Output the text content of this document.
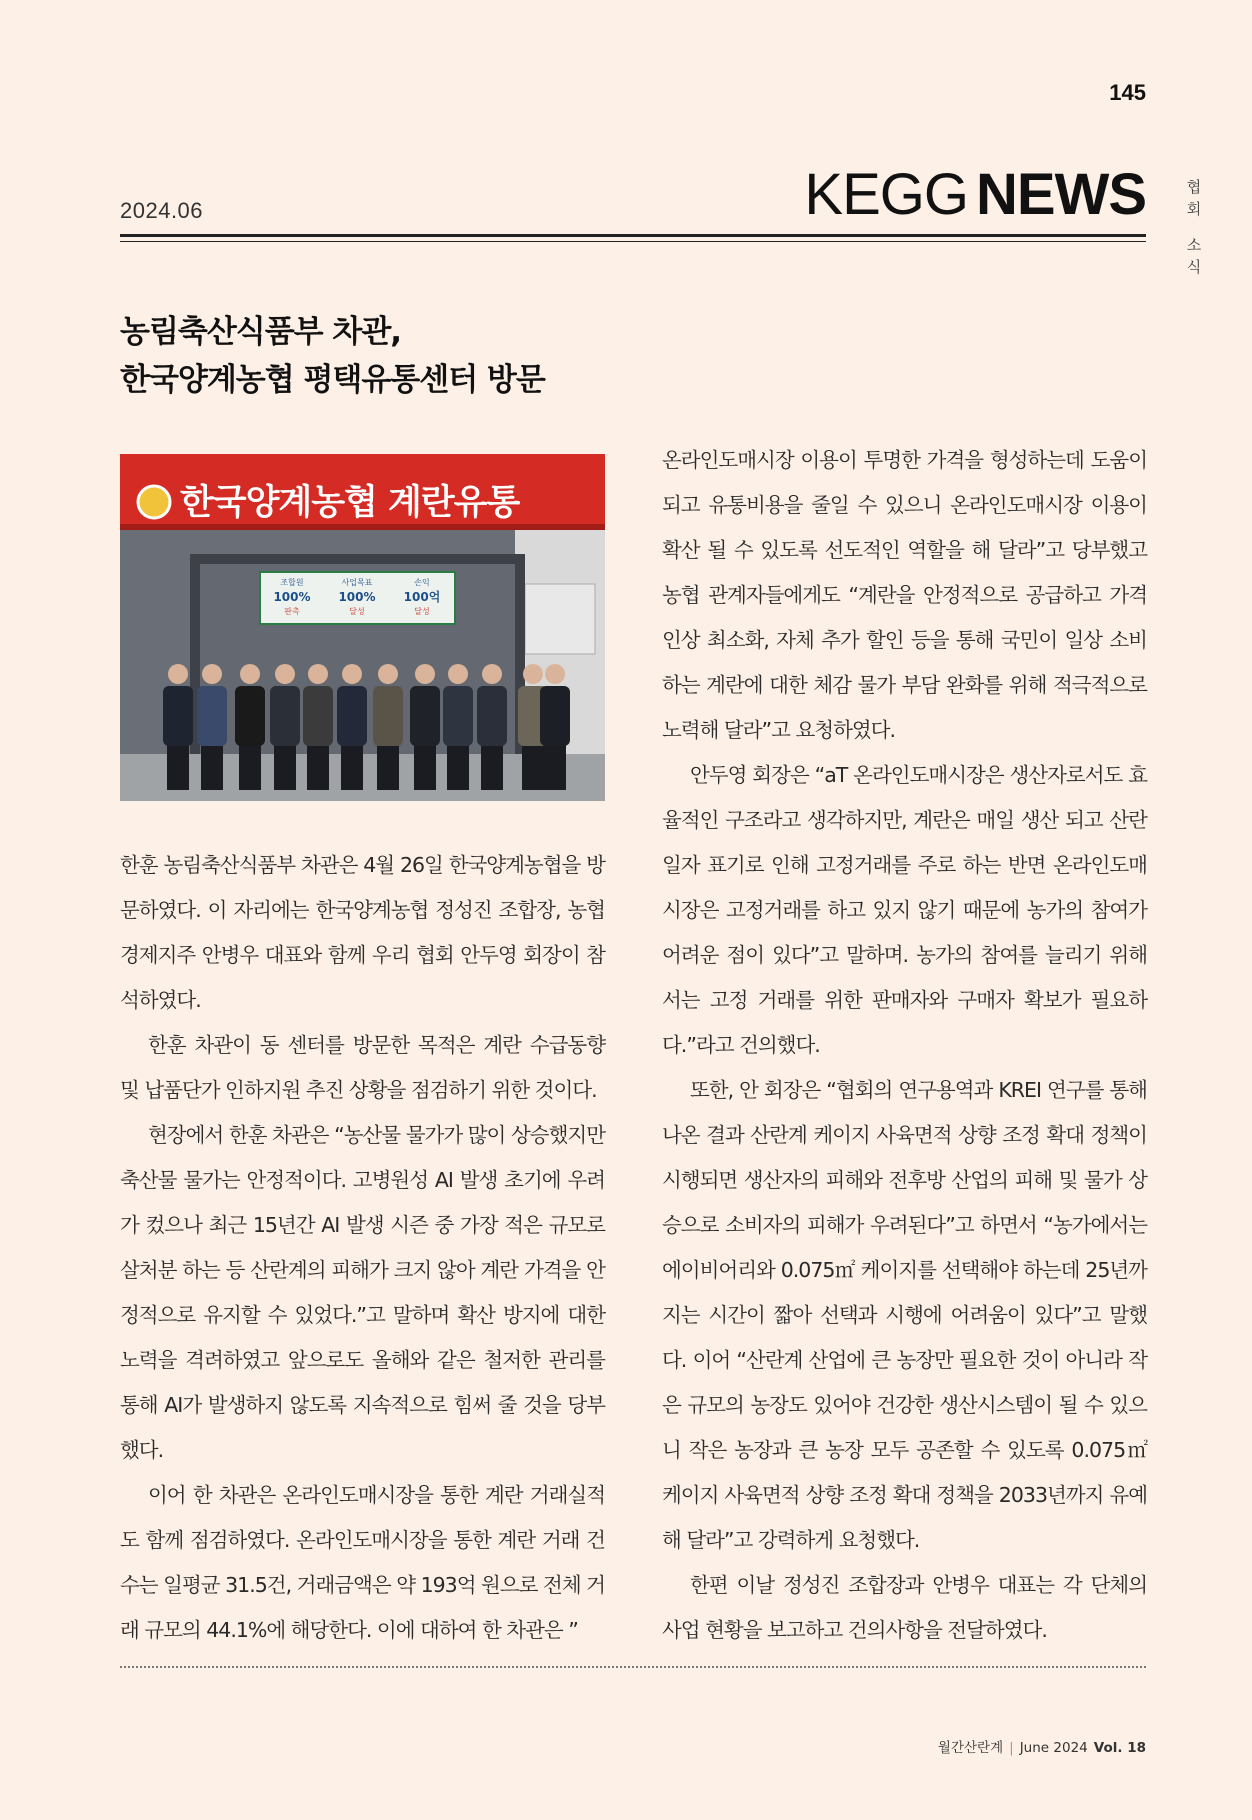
145
협
회
소
식
2024.06	KEGG NEWS
농림축산식품부 차관,
한국양계농협 평택유통센터 방문
한국양계농협 계란유통
조합원	사업목표	손익
100% 100% 100억
판촉	달성	달성

한훈 농림축산식품부 차관은 4월 26일 한국양계농협을 방문하였다. 이 자리에는 한국양계농협 정성진 조합장, 농협경제지주 안병우 대표와 함께 우리 협회 안두영 회장이 참석하였다.

한훈 차관이 동 센터를 방문한 목적은 계란 수급동향 및 납품단가 인하지원 추진 상황을 점검하기 위한 것이다.

현장에서 한훈 차관은 “농산물 물가가 많이 상승했지만 축산물 물가는 안정적이다. 고병원성 AI 발생 초기에 우려가 컸으나 최근 15년간 AI 발생 시즌 중 가장 적은 규모로 살처분 하는 등 산란계의 피해가 크지 않아 계란 가격을 안정적으로 유지할 수 있었다.”고 말하며 확산 방지에 대한 노력을 격려하였고 앞으로도 올해와 같은 철저한 관리를 통해 AI가 발생하지 않도록 지속적으로 힘써 줄 것을 당부했다.

이어 한 차관은 온라인도매시장을 통한 계란 거래실적도 함께 점검하였다. 온라인도매시장을 통한 계란 거래 건수는 일평균 31.5건, 거래금액은 약 193억 원으로 전체 거래 규모의 44.1%에 해당한다. 이에 대하여 한 차관은 ”

온라인도매시장 이용이 투명한 가격을 형성하는데 도움이 되고 유통비용을 줄일 수 있으니 온라인도매시장 이용이 확산 될 수 있도록 선도적인 역할을 해 달라”고 당부했고 농협 관계자들에게도 “계란을 안정적으로 공급하고 가격 인상 최소화, 자체 추가 할인 등을 통해 국민이 일상 소비하는 계란에 대한 체감 물가 부담 완화를 위해 적극적으로 노력해 달라”고 요청하였다.

안두영 회장은 “aT 온라인도매시장은 생산자로서도 효율적인 구조라고 생각하지만, 계란은 매일 생산 되고 산란일자 표기로 인해 고정거래를 주로 하는 반면 온라인도매시장은 고정거래를 하고 있지 않기 때문에 농가의 참여가 어려운 점이 있다”고 말하며. 농가의 참여를 늘리기 위해서는 고정 거래를 위한 판매자와 구매자 확보가 필요하다.”라고 건의했다.

또한, 안 회장은 “협회의 연구용역과 KREI 연구를 통해 나온 결과 산란계 케이지 사육면적 상향 조정 확대 정책이 시행되면 생산자의 피해와 전후방 산업의 피해 및 물가 상승으로 소비자의 피해가 우려된다”고 하면서 “농가에서는 에이비어리와 0.075㎡ 케이지를 선택해야 하는데 25년까지는 시간이 짧아 선택과 시행에 어려움이 있다”고 말했다. 이어 “산란계 산업에 큰 농장만 필요한 것이 아니라 작은 규모의 농장도 있어야 건강한 생산시스템이 될 수 있으니 작은 농장과 큰 농장 모두 공존할 수 있도록 0.075㎡ 케이지 사육면적 상향 조정 확대 정책을 2033년까지 유예해 달라”고 강력하게 요청했다.

한편 이날 정성진 조합장과 안병우 대표는 각 단체의 사업 현황을 보고하고 건의사항을 전달하였다.

월간산란계 | June 2024 Vol. 18
